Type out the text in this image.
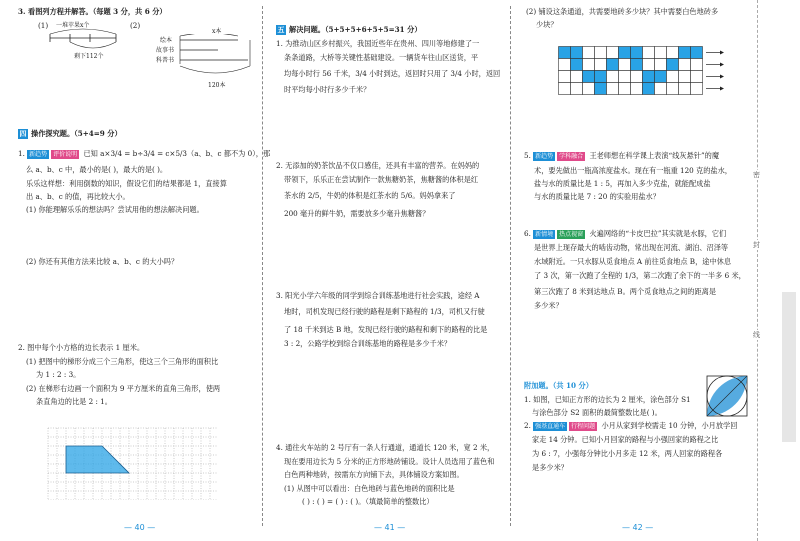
3. 看图列方程并解答。（每题 3 分，共 6 分）
(1)	(2)
一堆苹果x个
剩下112个
绘本
故事书
科普书
x本
120本
四 操作探究题。（5+4=9 分）
1. 新趋势 评价说明 已知 a×3/4 = b÷3/4 = c×5/3（a、b、c 都不为 0），那
么 a、b、c 中，最小的是( )，最大的是( )。
乐乐这样想：利用倒数的知识，假设它们的结果都是 1，直接算
出 a、b、c 的值，再比较大小。
(1) 你能理解乐乐的想法吗？尝试用他的想法解决问题。
(2) 你还有其他方法来比较 a、b、c 的大小吗？
2. 图中每个小方格的边长表示 1 厘米。
(1) 把图中的梯形分成三个三角形，使这三个三角形的面积比
为 1 : 2 : 3。
(2) 在梯形右边画一个面积为 9 平方厘米的直角三角形，使两
条直角边的比是 2 : 1。
— 40 —
五 解决问题。（5+5+5+6+5+5=31 分）
1. 为推动山区乡村振兴，我国近些年在贵州、四川等地修建了一
条条道路，大桥等关键性基础建设。一辆货车往山区送货，平
均每小时行 56 千米，3/4 小时到达，返回时只用了 3/4 小时，返回
时平均每小时行多少千米？
2. 无添加的奶茶饮品不仅口感佳，还具有丰富的营养。在妈妈的
带领下，乐乐正在尝试制作一款焦糖奶茶，焦糖酱的体积是红
茶水的 2/5，牛奶的体积是红茶水的 5/6。妈妈拿来了
200 毫升的鲜牛奶，需要放多少毫升焦糖酱？
3. 阳光小学六年级的同学到综合训练基地进行社会实践，途经 A
地时，司机发现已经行驶的路程是剩下路程的 1/3，司机又行驶
了 18 千米到达 B 地，发现已经行驶的路程和剩下的路程的比是
3 : 2，公路学校到综合训练基地的路程是多少千米？
4. 通往火车站的 2 号厅有一条人行通道，通道长 120 米，宽 2 米，
现在要用边长为 5 分米的正方形地砖铺设。设计人员选用了蓝色和
白色两种地砖，按需东方向铺下去，具体铺设方案如图。
(1) 从图中可以看出：白色地砖与蓝色地砖的面积比是
( ) : ( ) = ( ) : ( )。（填最简单的整数比）
— 41 —
(2) 铺设这条通道，共需要地砖多少块？其中需要白色地砖多
少块？
5. 新趋势 学科融合 王老师想在科学课上表演“线灰悬针”的魔
术，要先做出一瓶高浓度盐水。现在有一瓶重 120 克的盐水，
盐与水的质量比是 1 : 5，再加入多少克盐，就能配成盐
与水的质量比是 7 : 20 的实验用盐水？
6. 新情境 热点视窗 火遍网络的“卡皮巴拉”其实就是水豚，它们
是世界上现存最大的啮齿动物，常出现在河流、湖泊、沼泽等
水域附近。一只水豚从觅食地点 A 前往觅食地点 B，途中休息
了 3 次，第一次跑了全程的 1/3，第二次跑了余下的一半多 6 米，
第三次跑了 8 米到达地点 B。两个觅食地点之间的距离是
多少米？
附加题。（共 10 分）
1. 如图，已知正方形的边长为 2 厘米，涂色部分 S1
与涂色部分 S2 面积的最简整数比是( )。
2. 强基直通车 行程问题 小月从家到学校需走 10 分钟，小月放学回
家走 14 分钟。已知小月回家的路程与小强回家的路程之比
为 6 : 7，小强每分钟比小月多走 12 米，两人回家的路程各
是多少米？
— 42 —
密
封
线
